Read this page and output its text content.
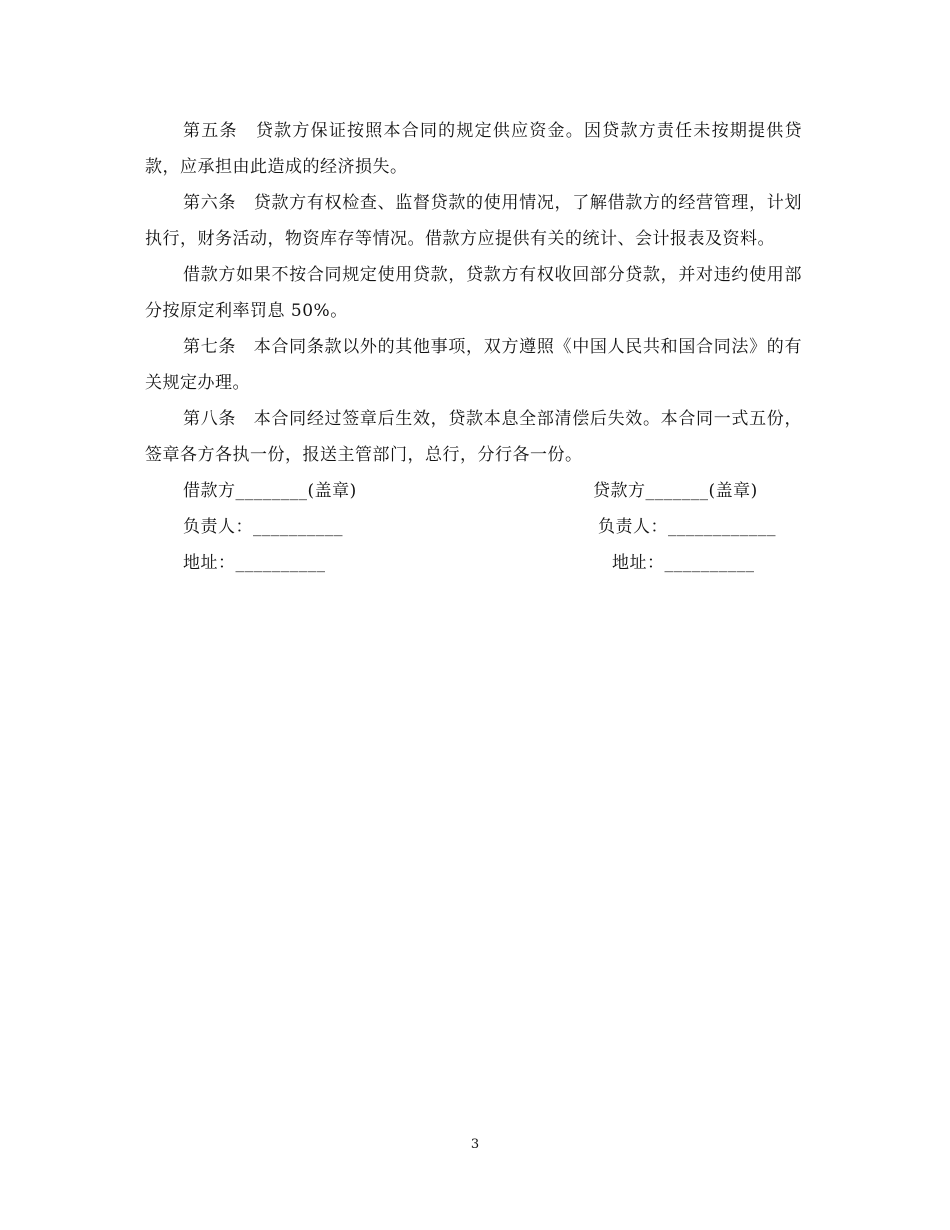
第五条　贷款方保证按照本合同的规定供应资金。因贷款方责任未按期提供贷款，应承担由此造成的经济损失。

第六条　贷款方有权检查、监督贷款的使用情况，了解借款方的经营管理，计划执行，财务活动，物资库存等情况。借款方应提供有关的统计、会计报表及资料。

借款方如果不按合同规定使用贷款，贷款方有权收回部分贷款，并对违约使用部分按原定利率罚息 50%。

第七条　本合同条款以外的其他事项，双方遵照《中国人民共和国合同法》的有关规定办理。

第八条　本合同经过签章后生效，贷款本息全部清偿后失效。本合同一式五份，签章各方各执一份，报送主管部门，总行，分行各一份。

借款方________(盖章)	贷款方_______(盖章)
负责人：__________	负责人：____________
地址：__________	地址：__________
3
